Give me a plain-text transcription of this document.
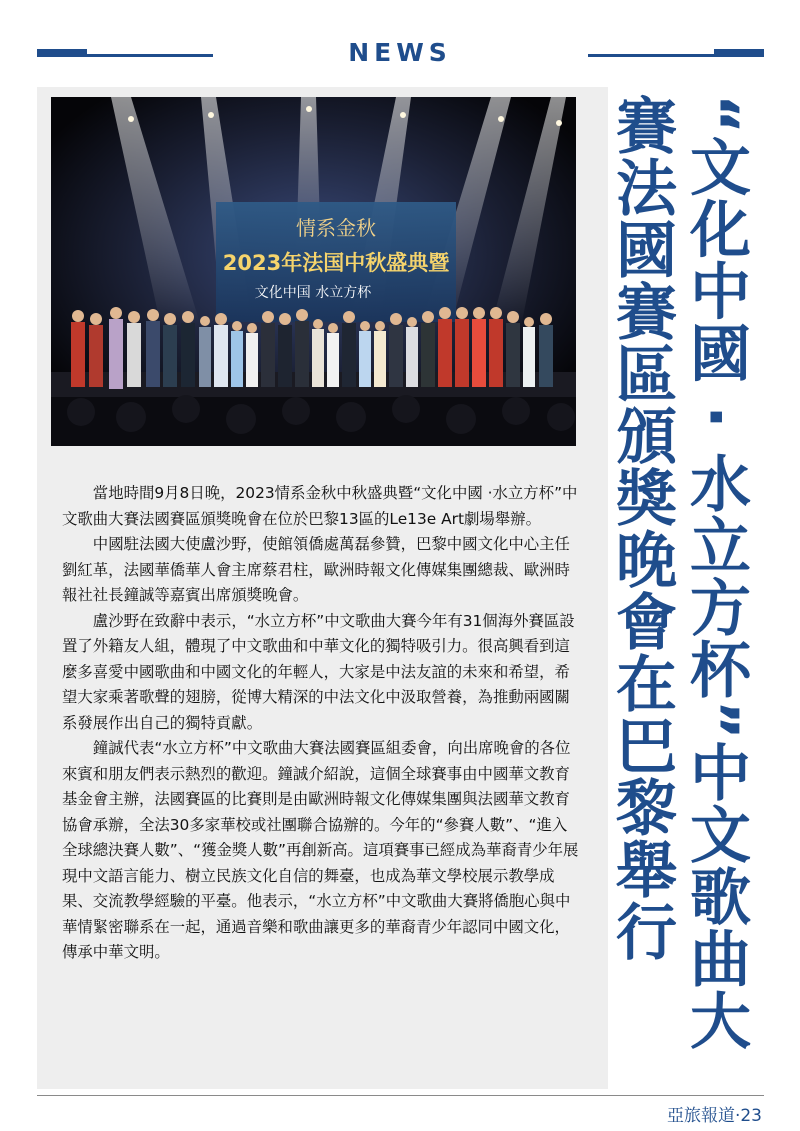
NEWS
情系金秋
2023年法国中秋盛典暨
文化中国 水立方杯

當地時間9月8日晚，2023情系金秋中秋盛典暨“文化中國 ·水立方杯”中文歌曲大賽法國賽區頒獎晚會在位於巴黎13區的Le13e Art劇場舉辦。

中國駐法國大使盧沙野，使館領僑處萬磊參贊，巴黎中國文化中心主任劉紅革，法國華僑華人會主席蔡君柱，歐洲時報文化傳媒集團總裁、歐洲時報社社長鐘誠等嘉賓出席頒獎晚會。

盧沙野在致辭中表示，“水立方杯”中文歌曲大賽今年有31個海外賽區設置了外籍友人組，體現了中文歌曲和中華文化的獨特吸引力。很高興看到這麼多喜愛中國歌曲和中國文化的年輕人，大家是中法友誼的未來和希望，希望大家乘著歌聲的翅膀，從博大精深的中法文化中汲取營養，為推動兩國關系發展作出自己的獨特貢獻。

鐘誠代表“水立方杯”中文歌曲大賽法國賽區組委會，向出席晚會的各位來賓和朋友們表示熱烈的歡迎。鐘誠介紹說，這個全球賽事由中國華文教育基金會主辦，法國賽區的比賽則是由歐洲時報文化傳媒集團與法國華文教育協會承辦，全法30多家華校或社團聯合協辦的。今年的“參賽人數”、“進入全球總決賽人數”、“獲金獎人數”再創新高。這項賽事已經成為華裔青少年展現中文語言能力、樹立民族文化自信的舞臺，也成為華文學校展示教學成果、交流教學經驗的平臺。他表示，“水立方杯”中文歌曲大賽將僑胞心與中華情緊密聯系在一起，通過音樂和歌曲讓更多的華裔青少年認同中國文化，傳承中華文明。	“文化中國 · 水立方杯”中文歌曲大賽法國賽區頒獎晚會在巴黎舉行
亞旅報道·23
